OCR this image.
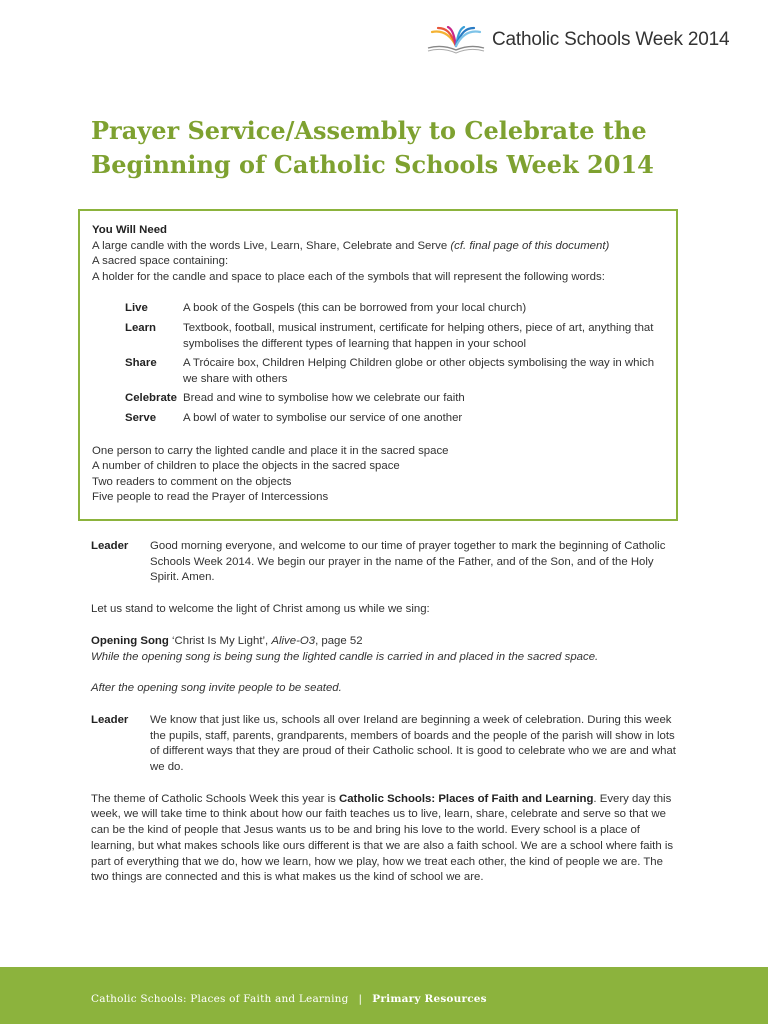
Catholic Schools Week 2014
Prayer Service/Assembly to Celebrate the
Beginning of Catholic Schools Week 2014

You Will Need

A large candle with the words Live, Learn, Share, Celebrate and Serve (cf. final page of this document)

A sacred space containing:

A holder for the candle and space to place each of the symbols that will represent the following words:

Live	A book of the Gospels (this can be borrowed from your local church)
Learn	Textbook, football, musical instrument, certificate for helping others, piece of art, anything that symbolises the different types of learning that happen in your school
Share	A Trócaire box, Children Helping Children globe or other objects symbolising the way in which we share with others
Celebrate Bread and wine to symbolise how we celebrate our faith
Serve	A bowl of water to symbolise our service of one another

One person to carry the lighted candle and place it in the sacred space

A number of children to place the objects in the sacred space

Two readers to comment on the objects

Five people to read the Prayer of Intercessions

Leader	Good morning everyone, and welcome to our time of prayer together to mark the beginning of Catholic Schools Week 2014. We begin our prayer in the name of the Father, and of the Son, and of the Holy Spirit. Amen.

Let us stand to welcome the light of Christ among us while we sing:

Opening Song ‘Christ Is My Light’, Alive-O3, page 52

While the opening song is being sung the lighted candle is carried in and placed in the sacred space.

After the opening song invite people to be seated.

Leader	We know that just like us, schools all over Ireland are beginning a week of celebration. During this week the pupils, staff, parents, grandparents, members of boards and the people of the parish will show in lots of different ways that they are proud of their Catholic school. It is good to celebrate who we are and what we do.

The theme of Catholic Schools Week this year is Catholic Schools: Places of Faith and Learning. Every day this week, we will take time to think about how our faith teaches us to live, learn, share, celebrate and serve so that we can be the kind of people that Jesus wants us to be and bring his love to the world. Every school is a place of learning, but what makes schools like ours different is that we are also a faith school. We are a school where faith is part of everything that we do, how we learn, how we play, how we treat each other, the kind of people we are. The two things are connected and this is what makes us the kind of school we are.

Catholic Schools: Places of Faith and Learning | Primary Resources
